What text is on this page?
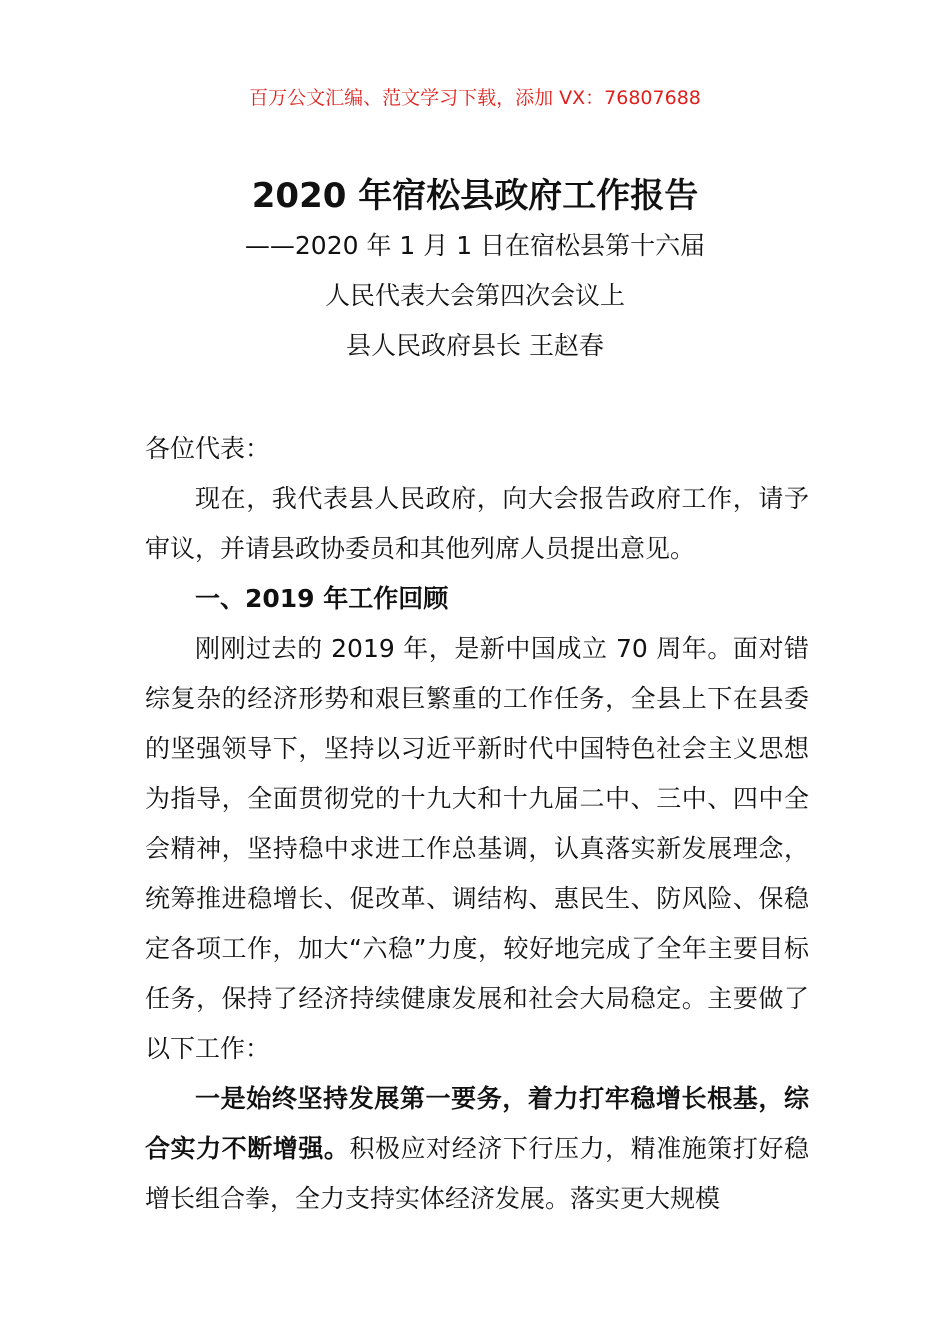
百万公文汇编、范文学习下载，添加 VX：76807688
2020 年宿松县政府工作报告
——2020 年 1 月 1 日在宿松县第十六届
人民代表大会第四次会议上
县人民政府县长 王赵春

各位代表：

现在，我代表县人民政府，向大会报告政府工作，请予审议，并请县政协委员和其他列席人员提出意见。

一、2019 年工作回顾

刚刚过去的 2019 年，是新中国成立 70 周年。面对错综复杂的经济形势和艰巨繁重的工作任务，全县上下在县委的坚强领导下，坚持以习近平新时代中国特色社会主义思想为指导，全面贯彻党的十九大和十九届二中、三中、四中全会精神，坚持稳中求进工作总基调，认真落实新发展理念，统筹推进稳增长、促改革、调结构、惠民生、防风险、保稳定各项工作，加大“六稳”力度，较好地完成了全年主要目标任务，保持了经济持续健康发展和社会大局稳定。主要做了以下工作：

一是始终坚持发展第一要务，着力打牢稳增长根基，综合实力不断增强。积极应对经济下行压力，精准施策打好稳增长组合拳，全力支持实体经济发展。落实更大规模
